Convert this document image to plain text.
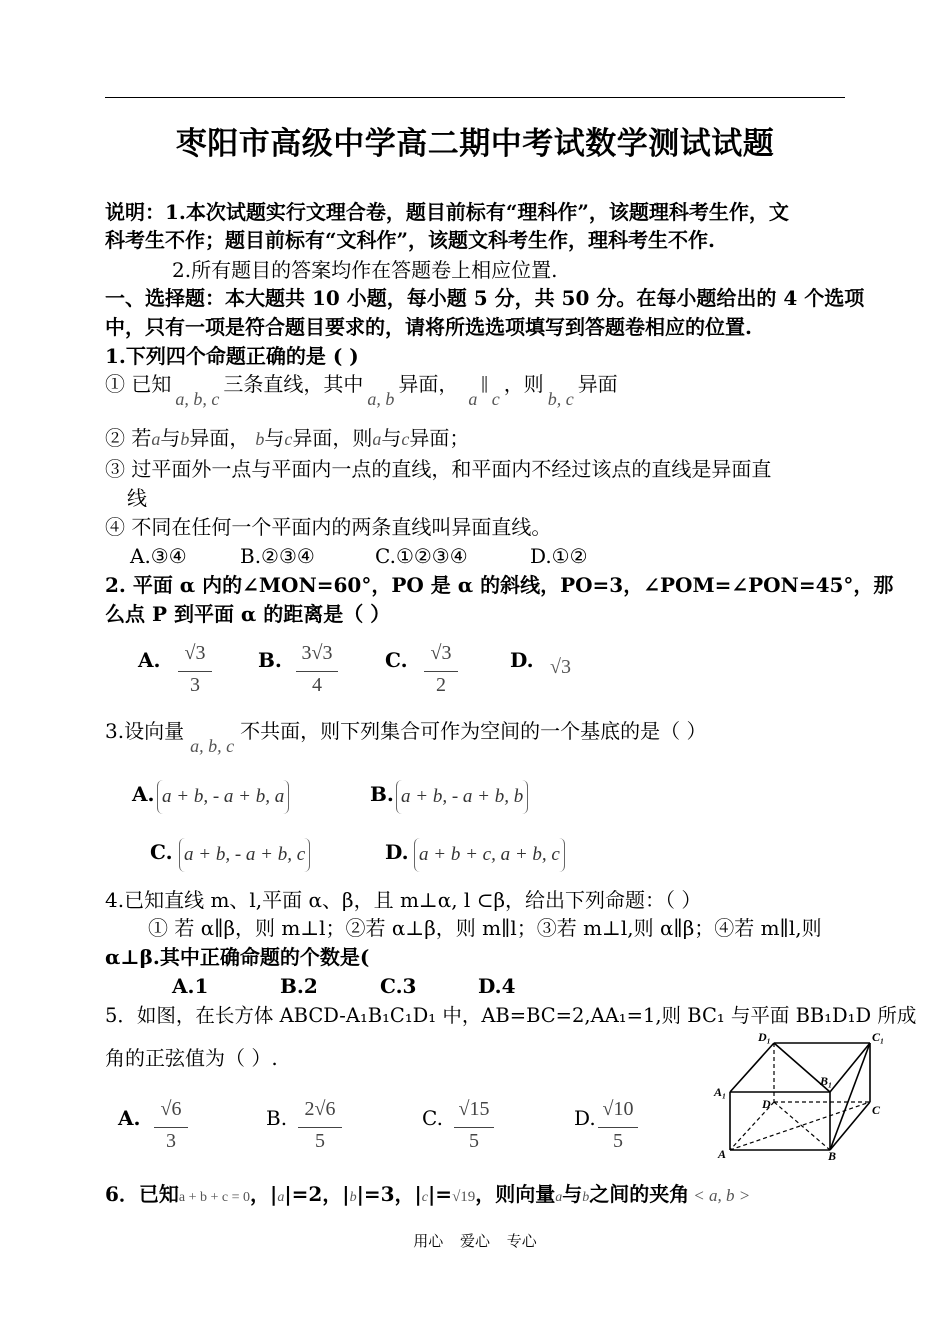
枣阳市高级中学高二期中考试数学测试试题
说明：1.本次试题实行文理合卷，题目前标有“理科作”，该题理科考生作，文
科考生不作；题目前标有“文科作”，该题文科考生作，理科考生不作.
2.所有题目的答案均作在答题卷上相应位置.
一、选择题：本大题共 10 小题，每小题 5 分，共 50 分。在每小题给出的 4 个选项
中，只有一项是符合题目要求的，请将所选选项填写到答题卷相应的位置.
1.下列四个命题正确的是 ( )
① 已知a, b, c三条直线，其中a, b异面，a∥c，则b, c异面
② 若a与b异面， b与c异面，则a与c异面；
③ 过平面外一点与平面内一点的直线，和平面内不经过该点的直线是异面直
线
④ 不同在任何一个平面内的两条直线叫异面直线。
A.③④	B.②③④	C.①②③④	D.①②
2. 平面 α 内的∠MON=60°，PO 是 α 的斜线，PO=3，∠POM=∠PON=45°，那
么点 P 到平面 α 的距离是（ ）
A.	√3
3
B. 3√3
4
C.	√3
2
D. √3
3.设向量a, b, c不共面，则下列集合可作为空间的一个基底的是（ ）
A. a + b, - a + b, a	B. a + b, - a + b, b
C. a + b, - a + b, c	D. a + b + c, a + b, c
4.已知直线 m、l,平面 α、β，且 m⊥α, l ⊂β，给出下列命题：（ ）
① 若 α∥β，则 m⊥l；②若 α⊥β，则 m∥l；③若 m⊥l,则 α∥β；④若 m∥l,则
α⊥β.其中正确命题的个数是(
A.1	B.2	C.3	D.4
5．如图，在长方体 ABCD-A₁B₁C₁D₁ 中，AB=BC=2,AA₁=1,则 BC₁ 与平面 BB₁D₁D 所成
角的正弦值为（ ）.
A.	√6
3
B. 2√6
5
C. √15
5
D. √10
5
D₁	C₁
B₁
A₁
D	C
A	B
6．已知a + b + c = 0，|a|=2，|b|=3，|c|=√19，则向量a与b之间的夹角 < a, b >
用心 爱心 专心
